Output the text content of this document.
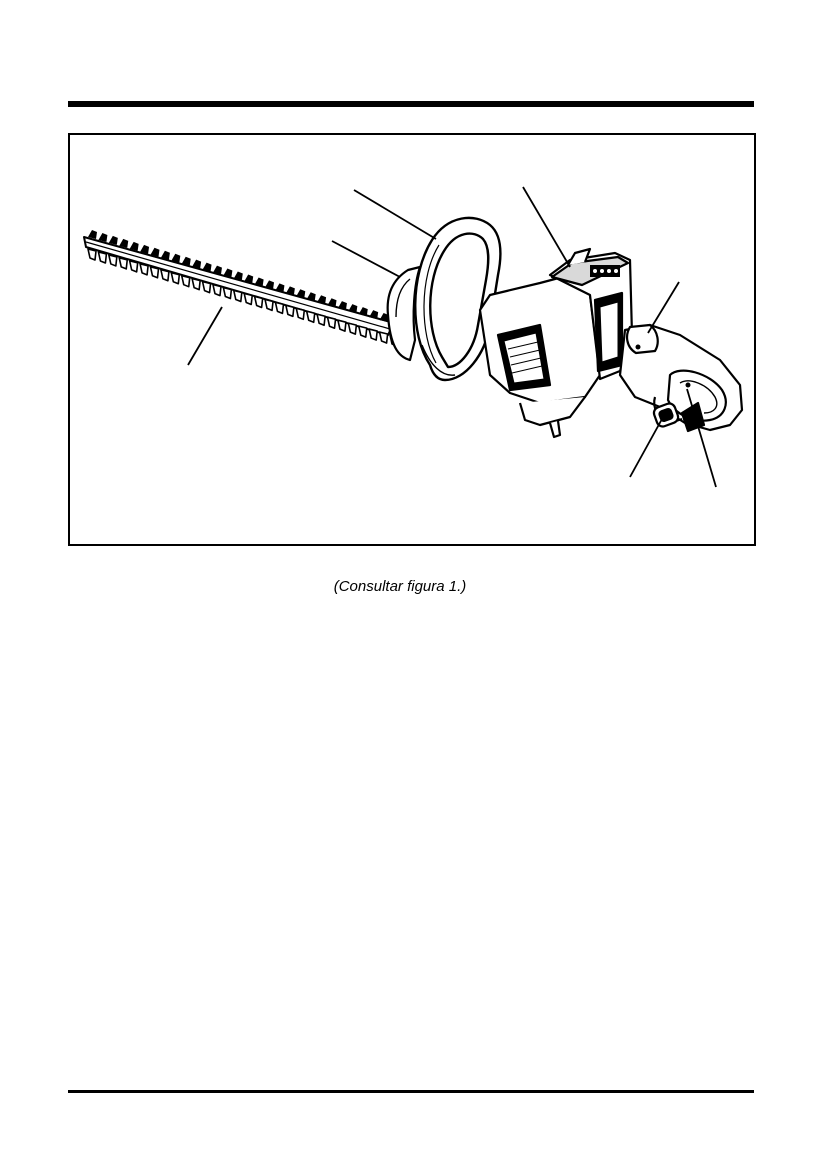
(Consultar figura 1.)
